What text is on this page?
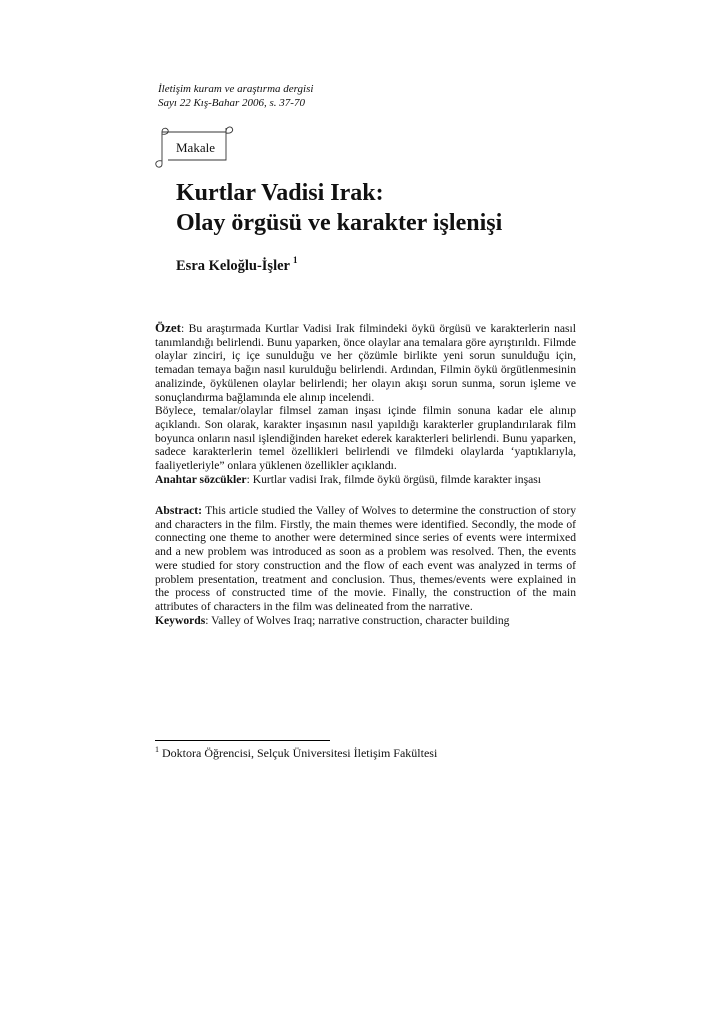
İletişim kuram ve araştırma dergisi
Sayı 22 Kış-Bahar 2006, s. 37-70
Makale
Kurtlar Vadisi Irak:
Olay örgüsü ve karakter işlenişi
Esra Keloğlu-İşler $^1$

Özet: Bu araştırmada Kurtlar Vadisi Irak filmindeki öykü örgüsü ve karakterlerin nasıl tanımlandığı belirlendi. Bunu yaparken, önce olaylar ana temalara göre ayrıştırıldı. Filmde olaylar zinciri, iç içe sunulduğu ve her çözümle birlikte yeni sorun sunulduğu için, temadan temaya bağın nasıl kurulduğu belirlendi. Ardından, Filmin öykü örgütlenmesinin analizinde, öykülenen olaylar belirlendi; her olayın akışı sorun sunma, sorun işleme ve sonuçlandırma bağlamında ele alınıp incelendi.

Böylece, temalar/olaylar filmsel zaman inşası içinde filmin sonuna kadar ele alınıp açıklandı. Son olarak, karakter inşasının nasıl yapıldığı karakterler gruplandırılarak film boyunca onların nasıl işlendiğinden hareket ederek karakterleri belirlendi. Bunu yaparken, sadece karakterlerin temel özellikleri belirlendi ve filmdeki olaylarda ‘yaptıklarıyla, faaliyetleriyle” onlara yüklenen özellikler açıklandı.

Anahtar sözcükler: Kurtlar vadisi Irak, filmde öykü örgüsü, filmde karakter inşası

Abstract: This article studied the Valley of Wolves to determine the construction of story and characters in the film. Firstly, the main themes were identified. Secondly, the mode of connecting one theme to another were determined since series of events were intermixed and a new problem was introduced as soon as a problem was resolved. Then, the events were studied for story construction and the flow of each event was analyzed in terms of problem presentation, treatment and conclusion. Thus, themes/events were explained in the process of constructed time of the movie. Finally, the construction of the main attributes of characters in the film was delineated from the narrative.

Keywords: Valley of Wolves Iraq; narrative construction, character building

$^1$ Doktora Öğrencisi, Selçuk Üniversitesi İletişim Fakültesi
